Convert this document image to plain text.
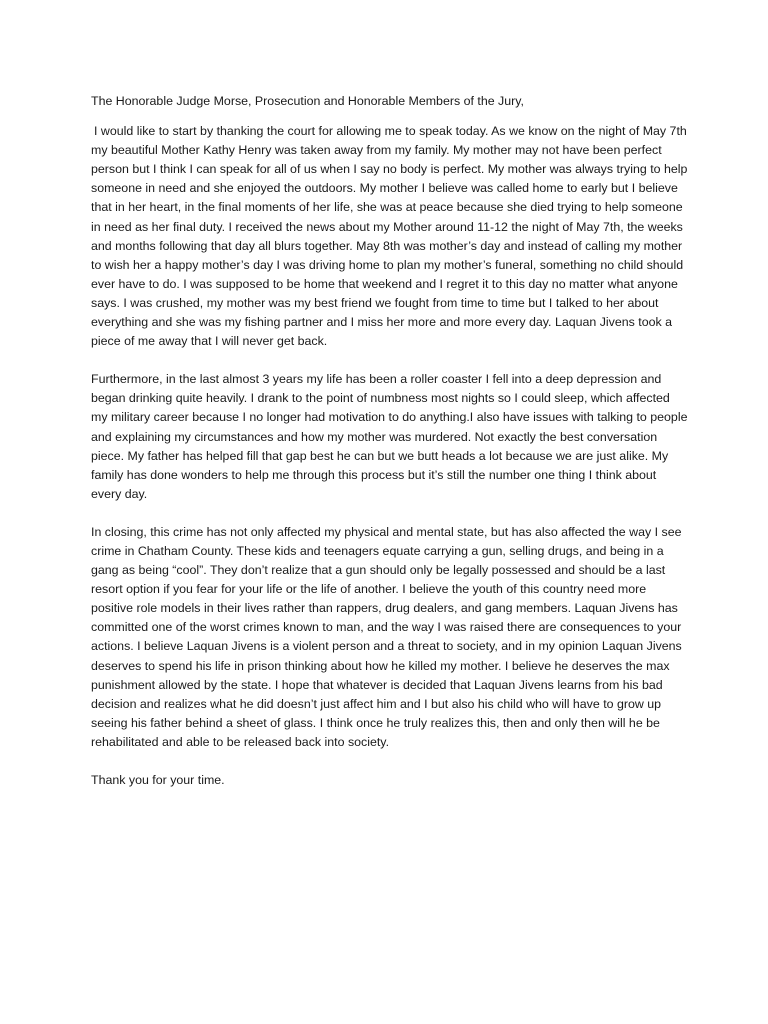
The Honorable Judge Morse, Prosecution and Honorable Members of the Jury,

I would like to start by thanking the court for allowing me to speak today. As we know on the night of May 7th my beautiful Mother Kathy Henry was taken away from my family. My mother may not have been perfect person but I think I can speak for all of us when I say no body is perfect. My mother was always trying to help someone in need and she enjoyed the outdoors. My mother I believe was called home to early but I believe that in her heart, in the final moments of her life, she was at peace because she died trying to help someone in need as her final duty. I received the news about my Mother around 11-12 the night of May 7th, the weeks and months following that day all blurs together. May 8th was mother’s day and instead of calling my mother to wish her a happy mother’s day I was driving home to plan my mother’s funeral, something no child should ever have to do. I was supposed to be home that weekend and I regret it to this day no matter what anyone says. I was crushed, my mother was my best friend we fought from time to time but I talked to her about everything and she was my fishing partner and I miss her more and more every day. Laquan Jivens took a piece of me away that I will never get back.

Furthermore, in the last almost 3 years my life has been a roller coaster I fell into a deep depression and began drinking quite heavily. I drank to the point of numbness most nights so I could sleep, which affected my military career because I no longer had motivation to do anything.I also have issues with talking to people and explaining my circumstances and how my mother was murdered. Not exactly the best conversation piece. My father has helped fill that gap best he can but we butt heads a lot because we are just alike. My family has done wonders to help me through this process but it’s still the number one thing I think about every day.

In closing, this crime has not only affected my physical and mental state, but has also affected the way I see crime in Chatham County. These kids and teenagers equate carrying a gun, selling drugs, and being in a gang as being “cool”. They don’t realize that a gun should only be legally possessed and should be a last resort option if you fear for your life or the life of another. I believe the youth of this country need more positive role models in their lives rather than rappers, drug dealers, and gang members. Laquan Jivens has committed one of the worst crimes known to man, and the way I was raised there are consequences to your actions. I believe Laquan Jivens is a violent person and a threat to society, and in my opinion Laquan Jivens deserves to spend his life in prison thinking about how he killed my mother. I believe he deserves the max punishment allowed by the state. I hope that whatever is decided that Laquan Jivens learns from his bad decision and realizes what he did doesn’t just affect him and I but also his child who will have to grow up seeing his father behind a sheet of glass. I think once he truly realizes this, then and only then will he be rehabilitated and able to be released back into society.

Thank you for your time.
